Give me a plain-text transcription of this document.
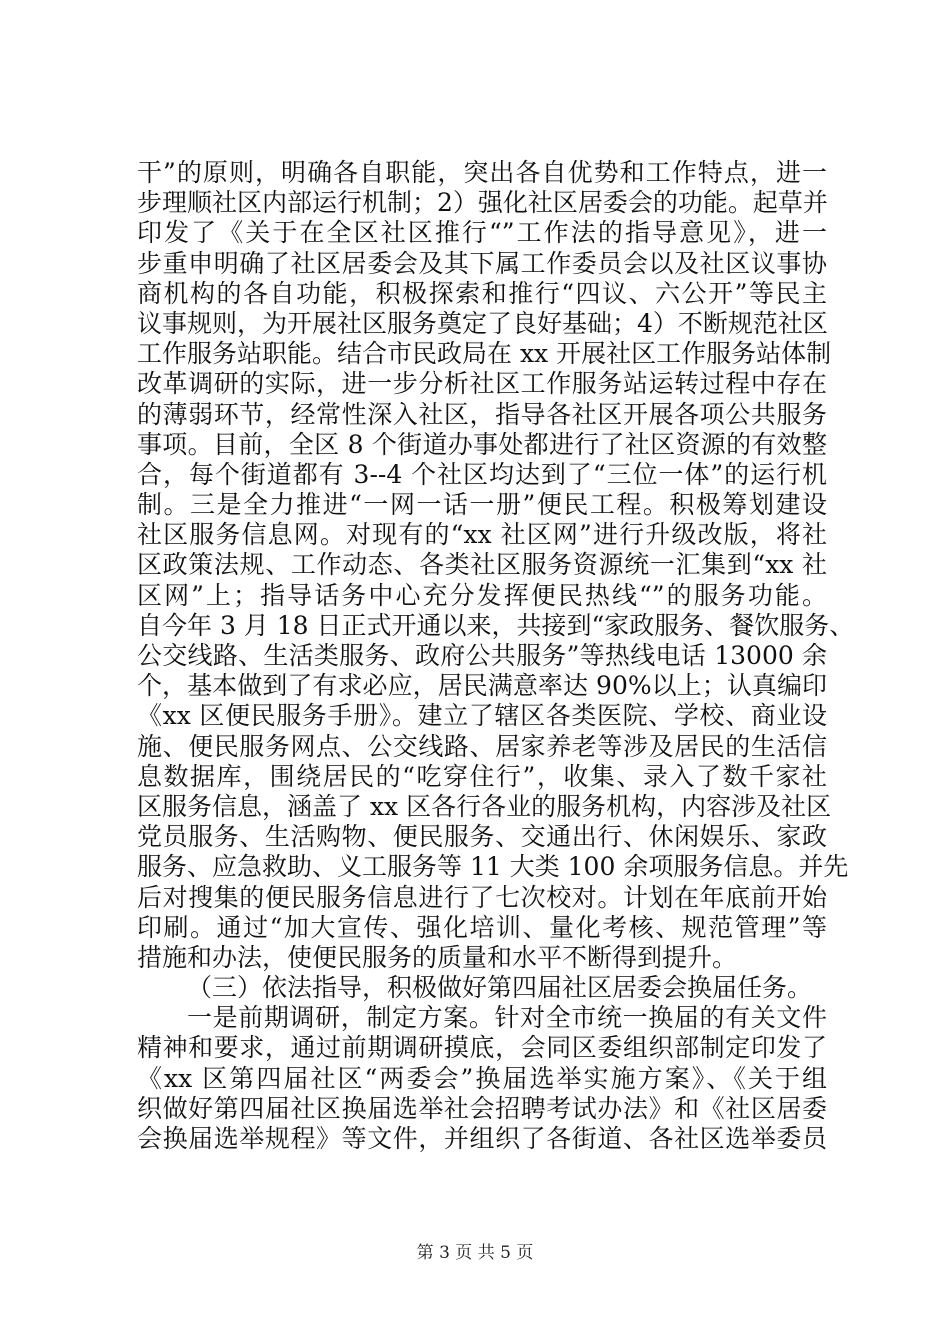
干”的原则，明确各自职能，突出各自优势和工作特点，进一
步理顺社区内部运行机制；2）强化社区居委会的功能。起草并
印发了《关于在全区社区推行“”工作法的指导意见》，进一
步重申明确了社区居委会及其下属工作委员会以及社区议事协
商机构的各自功能，积极探索和推行“四议、六公开”等民主
议事规则，为开展社区服务奠定了良好基础；4）不断规范社区
工作服务站职能。结合市民政局在 xx 开展社区工作服务站体制
改革调研的实际，进一步分析社区工作服务站运转过程中存在
的薄弱环节，经常性深入社区，指导各社区开展各项公共服务
事项。目前，全区 8 个街道办事处都进行了社区资源的有效整
合，每个街道都有 3--4 个社区均达到了“三位一体”的运行机
制。三是全力推进“一网一话一册”便民工程。积极筹划建设
社区服务信息网。对现有的“xx 社区网”进行升级改版，将社
区政策法规、工作动态、各类社区服务资源统一汇集到“xx 社
区网”上；指导话务中心充分发挥便民热线“”的服务功能。
自今年 3 月 18 日正式开通以来，共接到“家政服务、餐饮服务、
公交线路、生活类服务、政府公共服务”等热线电话 13000 余
个，基本做到了有求必应，居民满意率达 90%以上；认真编印
《xx 区便民服务手册》。建立了辖区各类医院、学校、商业设
施、便民服务网点、公交线路、居家养老等涉及居民的生活信
息数据库，围绕居民的“吃穿住行”，收集、录入了数千家社
区服务信息，涵盖了 xx 区各行各业的服务机构，内容涉及社区
党员服务、生活购物、便民服务、交通出行、休闲娱乐、家政
服务、应急救助、义工服务等 11 大类 100 余项服务信息。并先
后对搜集的便民服务信息进行了七次校对。计划在年底前开始
印刷。通过“加大宣传、强化培训、量化考核、规范管理”等
措施和办法，使便民服务的质量和水平不断得到提升。
（三）依法指导，积极做好第四届社区居委会换届任务。
一是前期调研，制定方案。针对全市统一换届的有关文件
精神和要求，通过前期调研摸底，会同区委组织部制定印发了
《xx 区第四届社区“两委会”换届选举实施方案》、《关于组
织做好第四届社区换届选举社会招聘考试办法》和《社区居委
会换届选举规程》等文件，并组织了各街道、各社区选举委员
第 3 页 共 5 页
